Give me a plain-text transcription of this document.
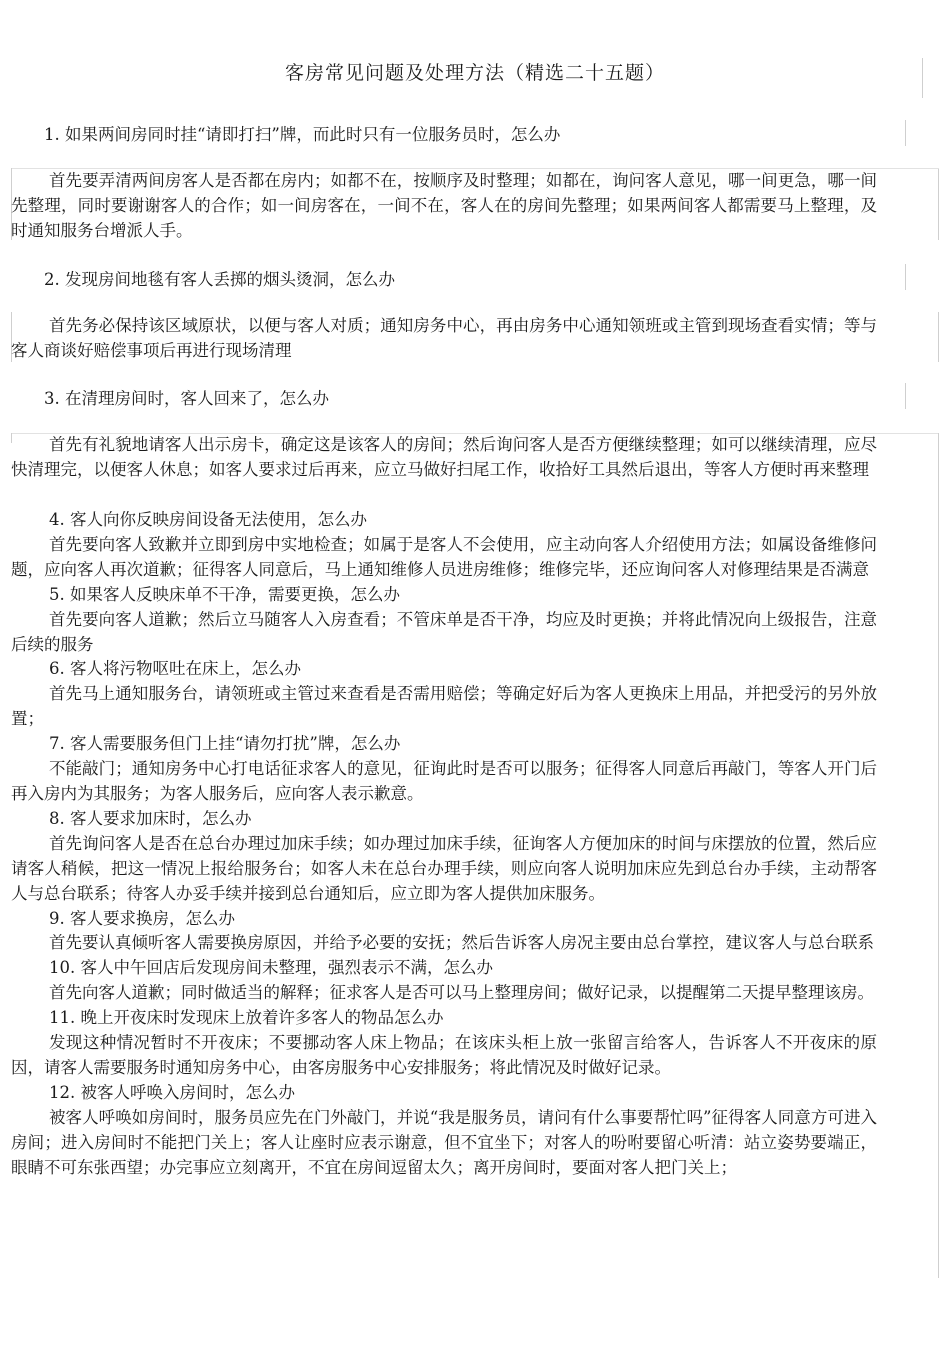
客房常见问题及处理方法（精选二十五题）
1. 如果两间房同时挂“请即打扫”牌，而此时只有一位服务员时，怎么办
首先要弄清两间房客人是否都在房内；如都不在，按顺序及时整理；如都在，询问客人意见，哪一间更急，哪一间先整理，同时要谢谢客人的合作；如一间房客在，一间不在，客人在的房间先整理；如果两间客人都需要马上整理，及时通知服务台增派人手。
2. 发现房间地毯有客人丢掷的烟头烫洞，怎么办
首先务必保持该区域原状，以便与客人对质；通知房务中心，再由房务中心通知领班或主管到现场查看实情；等与客人商谈好赔偿事项后再进行现场清理
3. 在清理房间时，客人回来了，怎么办
首先有礼貌地请客人出示房卡，确定这是该客人的房间；然后询问客人是否方便继续整理；如可以继续清理，应尽快清理完，以便客人休息；如客人要求过后再来，应立马做好扫尾工作，收拾好工具然后退出，等客人方便时再来整理
4. 客人向你反映房间设备无法使用，怎么办
首先要向客人致歉并立即到房中实地检查；如属于是客人不会使用，应主动向客人介绍使用方法；如属设备维修问题，应向客人再次道歉；征得客人同意后，马上通知维修人员进房维修；维修完毕，还应询问客人对修理结果是否满意
5. 如果客人反映床单不干净，需要更换，怎么办
首先要向客人道歉；然后立马随客人入房查看；不管床单是否干净，均应及时更换；并将此情况向上级报告，注意后续的服务
6. 客人将污物呕吐在床上，怎么办
首先马上通知服务台，请领班或主管过来查看是否需用赔偿；等确定好后为客人更换床上用品，并把受污的另外放置；
7. 客人需要服务但门上挂“请勿打扰”牌，怎么办
不能敲门；通知房务中心打电话征求客人的意见，征询此时是否可以服务；征得客人同意后再敲门，等客人开门后再入房内为其服务；为客人服务后，应向客人表示歉意。
8. 客人要求加床时，怎么办
首先询问客人是否在总台办理过加床手续；如办理过加床手续，征询客人方便加床的时间与床摆放的位置，然后应请客人稍候，把这一情况上报给服务台；如客人未在总台办理手续，则应向客人说明加床应先到总台办手续，主动帮客人与总台联系；待客人办妥手续并接到总台通知后，应立即为客人提供加床服务。
9. 客人要求换房，怎么办
首先要认真倾听客人需要换房原因，并给予必要的安抚；然后告诉客人房况主要由总台掌控，建议客人与总台联系
10. 客人中午回店后发现房间未整理，强烈表示不满，怎么办
首先向客人道歉；同时做适当的解释；征求客人是否可以马上整理房间；做好记录，以提醒第二天提早整理该房。
11. 晚上开夜床时发现床上放着许多客人的物品怎么办
发现这种情况暂时不开夜床；不要挪动客人床上物品；在该床头柜上放一张留言给客人，告诉客人不开夜床的原因，请客人需要服务时通知房务中心，由客房服务中心安排服务；将此情况及时做好记录。
12. 被客人呼唤入房间时，怎么办
被客人呼唤如房间时，服务员应先在门外敲门，并说“我是服务员，请问有什么事要帮忙吗”征得客人同意方可进入房间；进入房间时不能把门关上；客人让座时应表示谢意，但不宜坐下；对客人的吩咐要留心听清：站立姿势要端正，眼睛不可东张西望；办完事应立刻离开，不宜在房间逗留太久；离开房间时，要面对客人把门关上；
